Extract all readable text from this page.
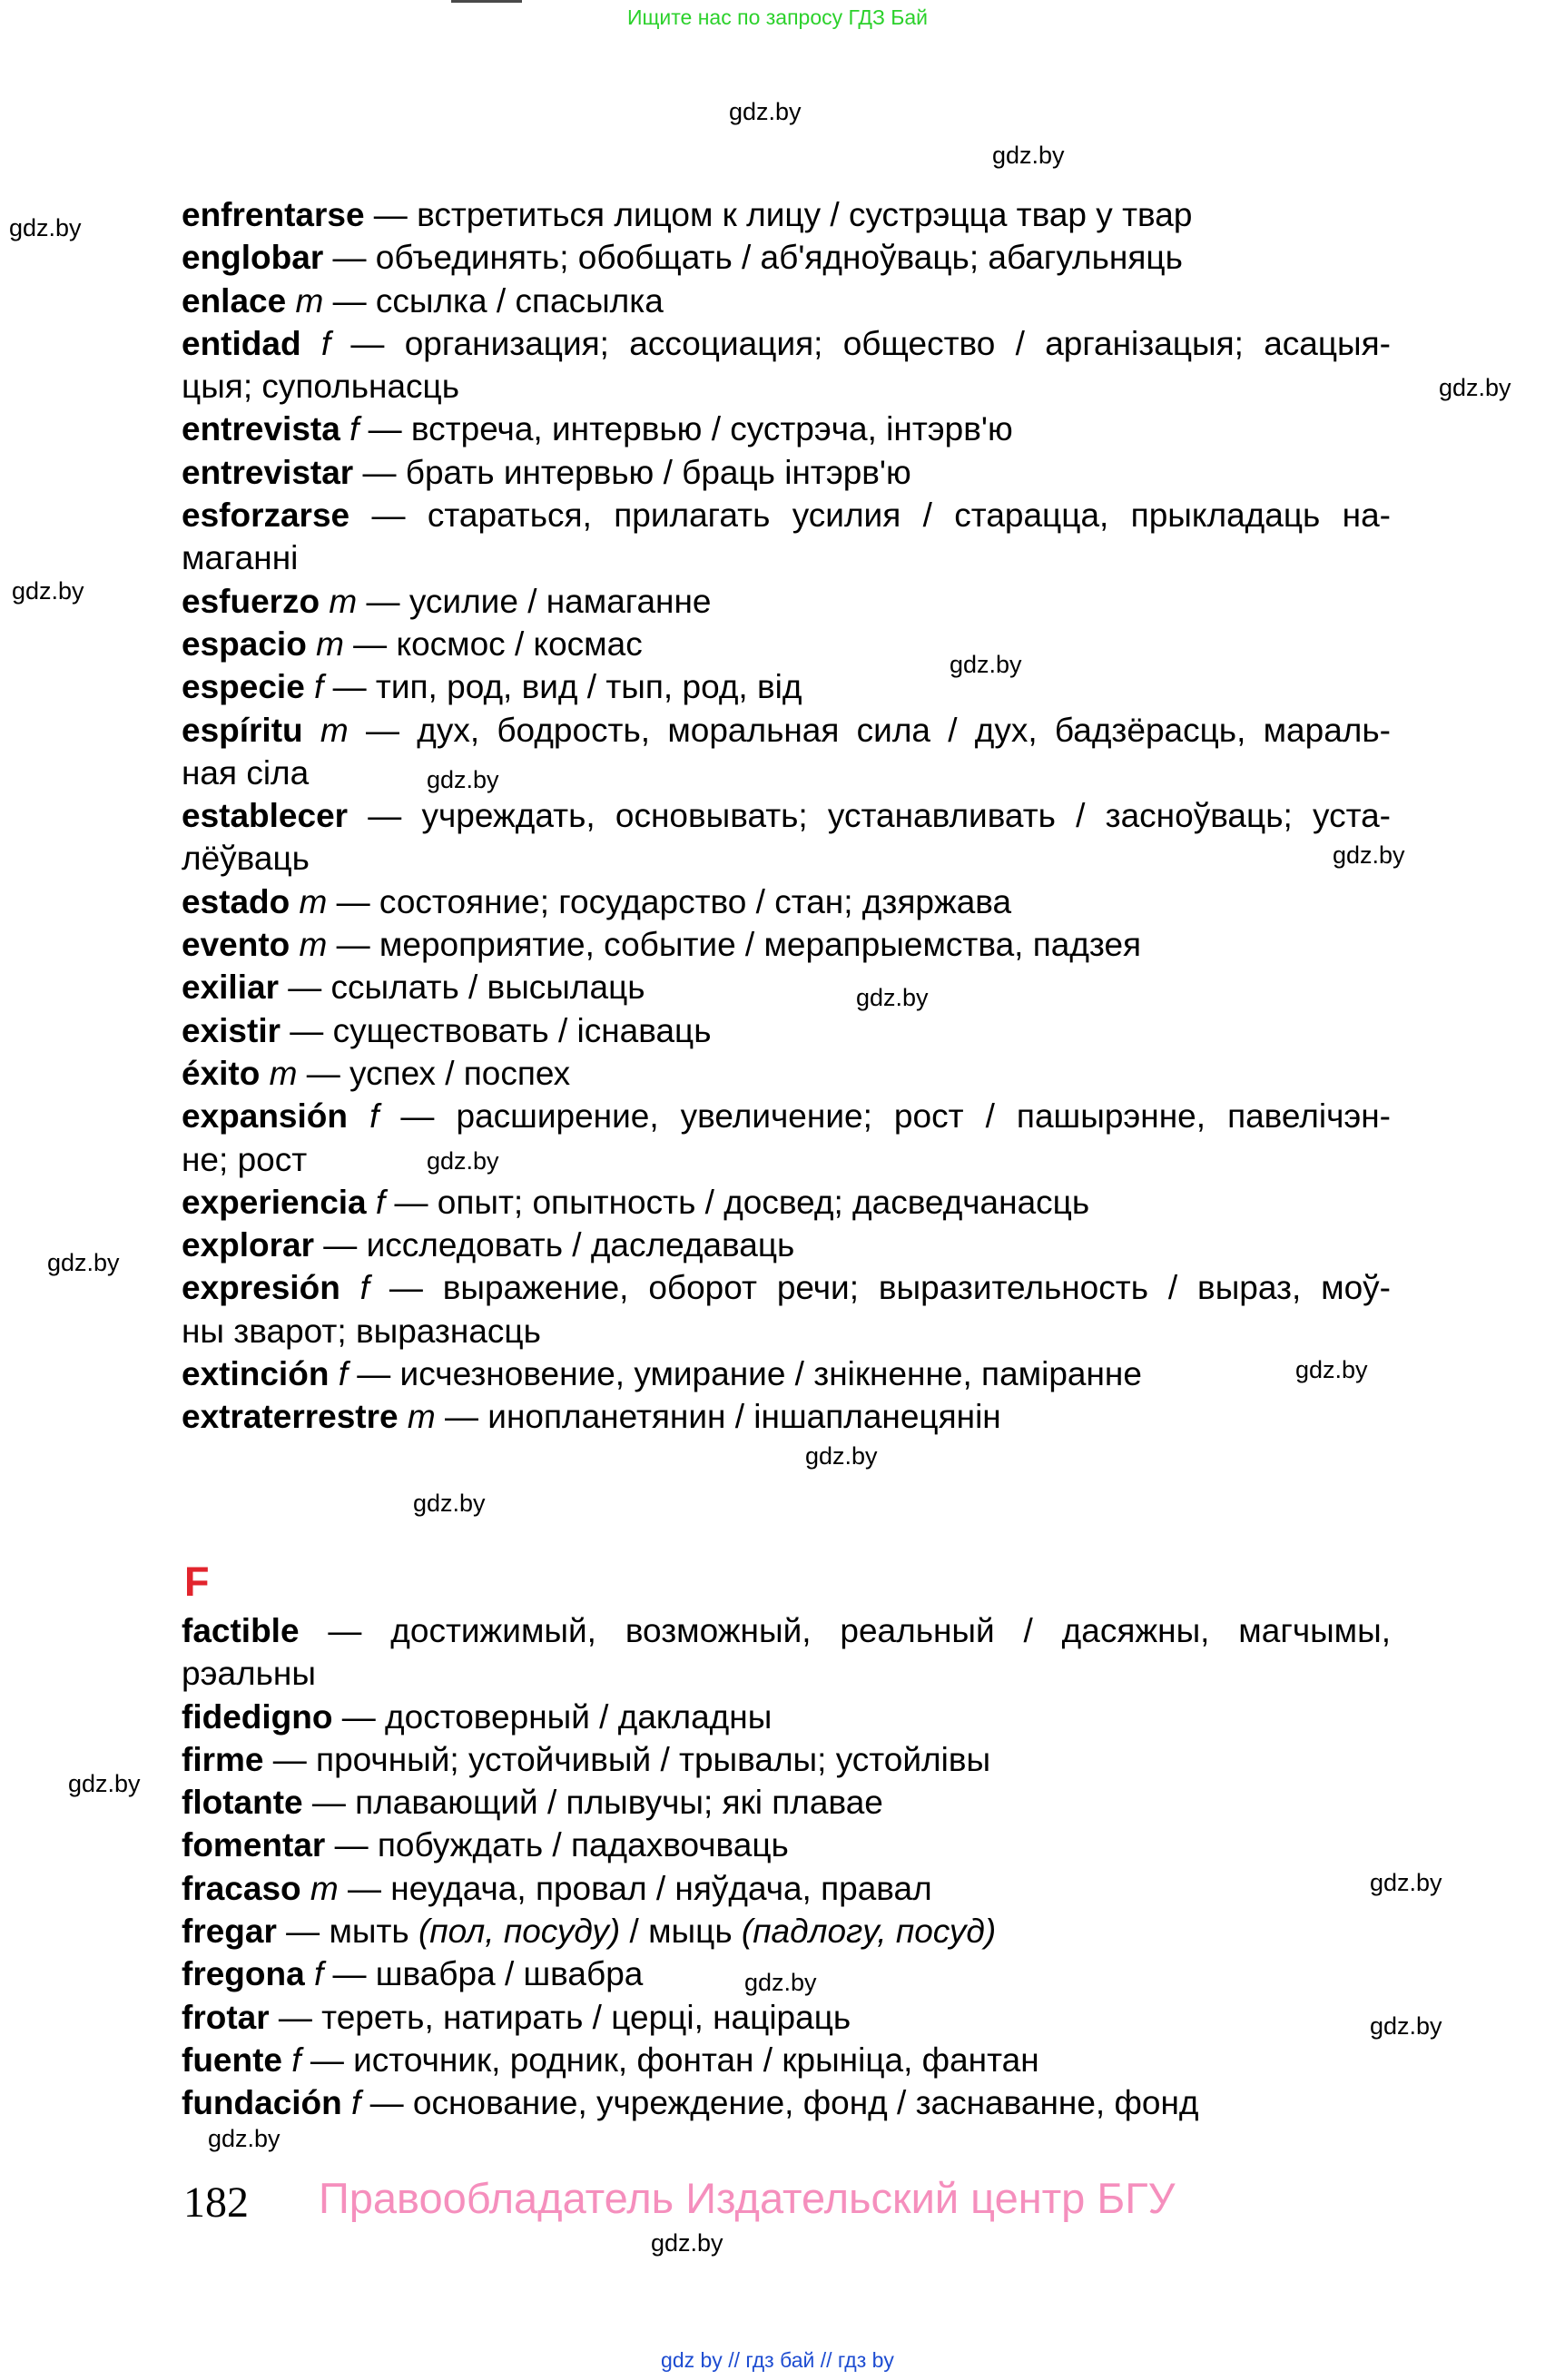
Ищите нас по запросу ГДЗ Бай
gdz.by
gdz.by
gdz.by
gdz.by
gdz.by
gdz.by
gdz.by
gdz.by
gdz.by
gdz.by
gdz.by
gdz.by
gdz.by
gdz.by
gdz.by
gdz.by
gdz.by
gdz.by
gdz.by
gdz.by
enfrentarse — встретиться лицом к лицу / сустрэцца твар у твар
englobar — объединять; обобщать / аб'ядноўваць; абагульняць
enlace m — ссылка / спасылка
entidad f — организация; ассоциация; общество / арганізацыя; асацыя-
цыя; супольнасць
entrevista f — встреча, интервью / сустрэча, інтэрв'ю
entrevistar — брать интервью / браць інтэрв'ю
esforzarse — стараться, прилагать усилия / старацца, прыкладаць на-
маганні
esfuerzo m — усилие / намаганне
espacio m — космос / космас
especie f — тип, род, вид / тып, род, від
espíritu m — дух, бодрость, моральная сила / дух, бадзёрасць, мараль-
ная сіла
establecer — учреждать, основывать; устанавливать / засноўваць; уста-
лёўваць
estado m — состояние; государство / стан; дзяржава
evento m — мероприятие, событие / мерапрыемства, падзея
exiliar — ссылать / высылаць
existir — существовать / існаваць
éxito m — успех / поспех
expansión f — расширение, увеличение; рост / пашырэнне, павелічэн-
не; рост
experiencia f — опыт; опытность / досвед; дасведчанасць
explorar — исследовать / даследаваць
expresión f — выражение, оборот речи; выразительность / выраз, моў-
ны зварот; выразнасць
extinción f — исчезновение, умирание / знікненне, паміранне
extraterrestre m — инопланетянин / іншапланецянін
F
factible — достижимый, возможный, реальный / дасяжны, магчымы,
рэальны
fidedigno — достоверный / дакладны
firme — прочный; устойчивый / трывалы; устойлівы
flotante — плавающий / плывучы; які плавае
fomentar — побуждать / падахвочваць
fracaso m — неудача, провал / няўдача, правал
fregar — мыть (пол, посуду) / мыць (падлогу, посуд)
fregona f — швабра / швабра
frotar — тереть, натирать / церці, націраць
fuente f — источник, родник, фонтан / крыніца, фантан
fundación f — основание, учреждение, фонд / заснаванне, фонд
182 Правообладатель Издательский центр БГУ
gdz by // гдз бай // гдз by
